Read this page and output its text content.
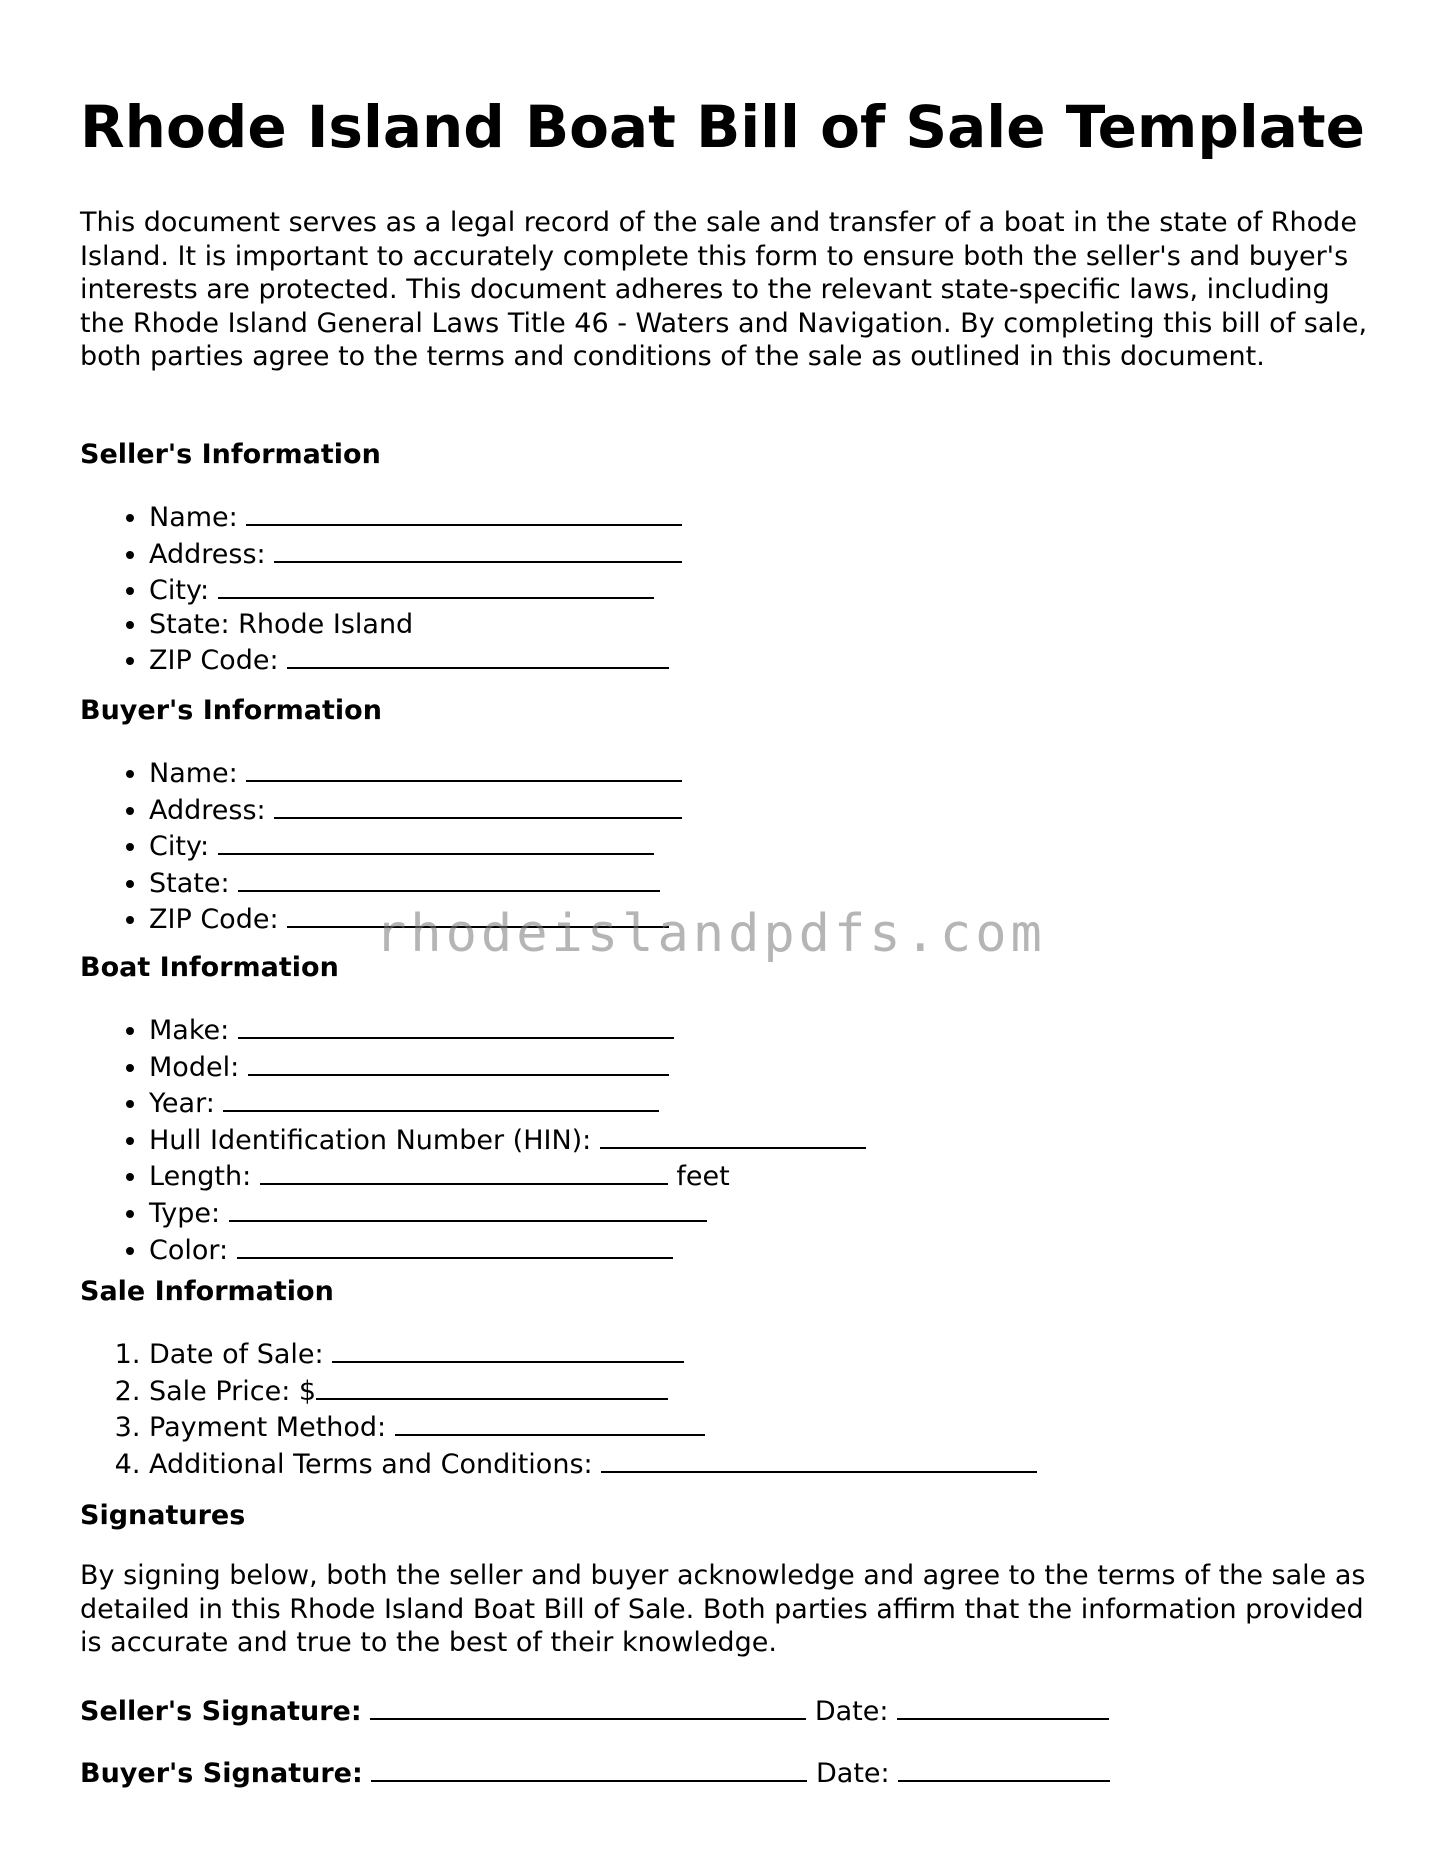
Rhode Island Boat Bill of Sale Template

This document serves as a legal record of the sale and transfer of a boat in the state of Rhode Island. It is important to accurately complete this form to ensure both the seller's and buyer's interests are protected. This document adheres to the relevant state-specific laws, including the Rhode Island General Laws Title 46 - Waters and Navigation. By completing this bill of sale, both parties agree to the terms and conditions of the sale as outlined in this document.

Seller's Information
• Name:
• Address:
• City:
• State: Rhode Island
• ZIP Code:
Buyer's Information
• Name:
• Address:
• City:
• State:
• ZIP Code:
Boat Information
• Make:
• Model:
• Year:
• Hull Identification Number (HIN):
• Length:	feet
• Type:
• Color:
Sale Information
1. Date of Sale:
2. Sale Price: $
3. Payment Method:
4. Additional Terms and Conditions:
Signatures

By signing below, both the seller and buyer acknowledge and agree to the terms of the sale as detailed in this Rhode Island Boat Bill of Sale. Both parties affirm that the information provided is accurate and true to the best of their knowledge.

Seller's Signature:	Date:
Buyer's Signature:	Date:
rhodeislandpdfs.com
